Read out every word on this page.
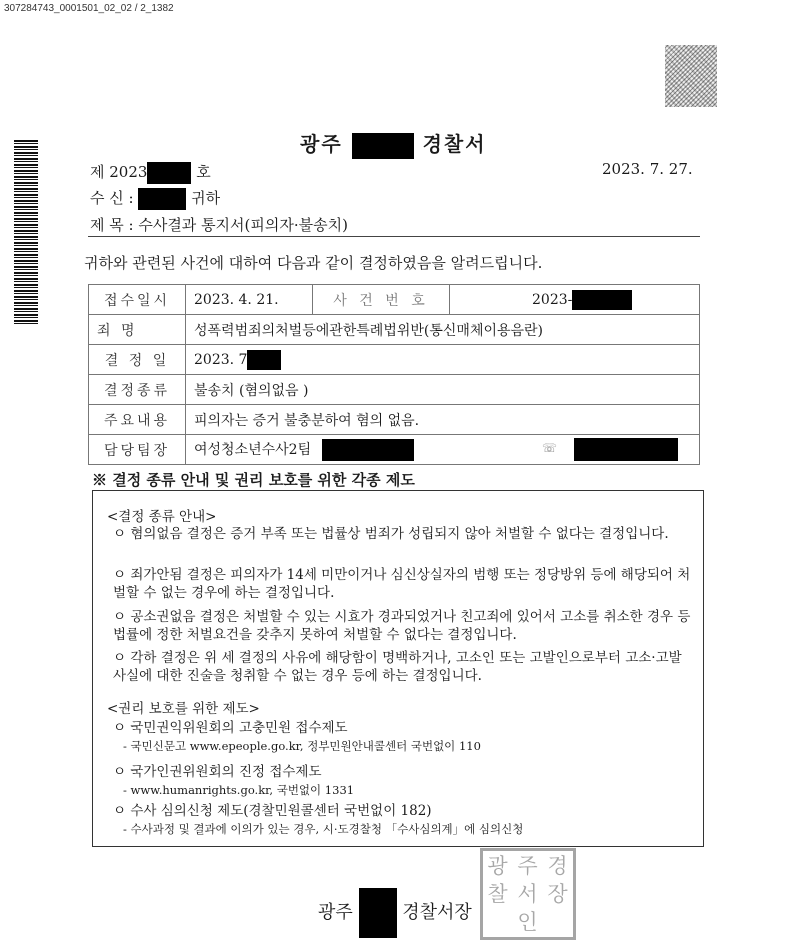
307284743_0001501_02_02 / 2_1382
광주	경찰서
제 2023	호	2023. 7. 27.
수 신 :	귀하
제 목 : 수사결과 통지서(피의자·불송치)
귀하와 관련된 사건에 대하여 다음과 같이 결정하였음을 알려드립니다.
접수일시	2023. 4. 21.	사 건 번 호	2023-
죄 명	성폭력범죄의처벌등에관한특례법위반(통신매체이용음란)		
결 정 일	2023. 7		
결정종류	불송치 (혐의없음 )		
주요내용	피의자는 증거 불충분하여 혐의 없음.		
담당팀장	여성청소년수사2팀 ☏		
※ 결정 종류 안내 및 권리 보호를 위한 각종 제도
<결정 종류 안내>
ㅇ 혐의없음 결정은 증거 부족 또는 법률상 범죄가 성립되지 않아 처벌할 수 없다는 결정입니다.
ㅇ 죄가안됨 결정은 피의자가 14세 미만이거나 심신상실자의 범행 또는 정당방위 등에 해당되어 처벌할 수 없는 경우에 하는 결정입니다.
ㅇ 공소권없음 결정은 처벌할 수 있는 시효가 경과되었거나 친고죄에 있어서 고소를 취소한 경우 등 법률에 정한 처벌요건을 갖추지 못하여 처벌할 수 없다는 결정입니다.
ㅇ 각하 결정은 위 세 결정의 사유에 해당함이 명백하거나, 고소인 또는 고발인으로부터 고소·고발 사실에 대한 진술을 청취할 수 없는 경우 등에 하는 결정입니다.
<권리 보호를 위한 제도>
ㅇ 국민권익위원회의 고충민원 접수제도
- 국민신문고 www.epeople.go.kr, 정부민원안내콜센터 국번없이 110
ㅇ 국가인권위원회의 진정 접수제도
- www.humanrights.go.kr, 국번없이 1331
ㅇ 수사 심의신청 제도(경찰민원콜센터 국번없이 182)
- 수사과정 및 결과에 이의가 있는 경우, 시·도경찰청 「수사심의계」에 심의신청
광주	경찰서장
광 주 경
찰 서 장
인
